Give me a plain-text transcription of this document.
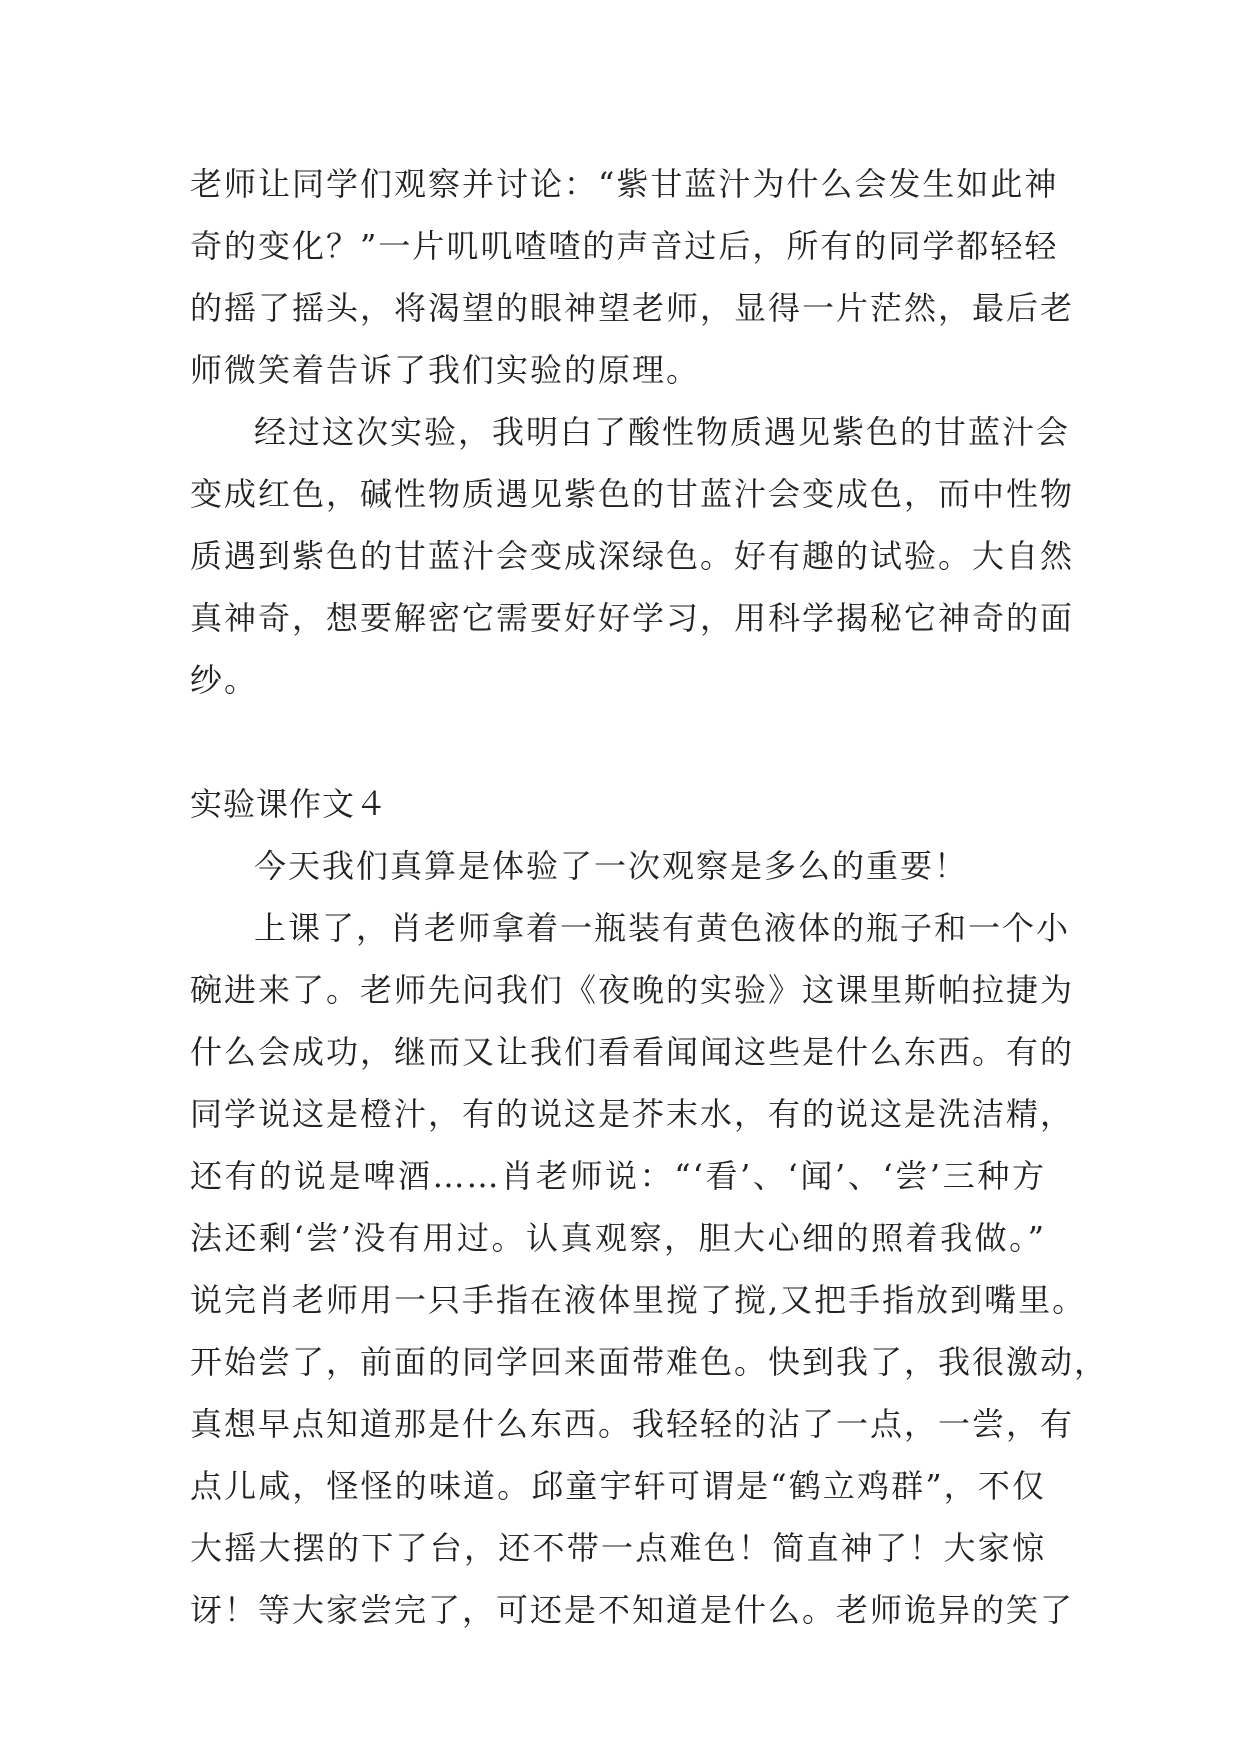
老师让同学们观察并讨论：“紫甘蓝汁为什么会发生如此神
奇的变化？”一片叽叽喳喳的声音过后，所有的同学都轻轻
的摇了摇头，将渴望的眼神望老师，显得一片茫然，最后老
师微笑着告诉了我们实验的原理。
经过这次实验，我明白了酸性物质遇见紫色的甘蓝汁会
变成红色，碱性物质遇见紫色的甘蓝汁会变成色，而中性物
质遇到紫色的甘蓝汁会变成深绿色。好有趣的试验。大自然
真神奇，想要解密它需要好好学习，用科学揭秘它神奇的面
纱。
实验课作文４
今天我们真算是体验了一次观察是多么的重要！
上课了，肖老师拿着一瓶装有黄色液体的瓶子和一个小
碗进来了。老师先问我们《夜晚的实验》这课里斯帕拉捷为
什么会成功，继而又让我们看看闻闻这些是什么东西。有的
同学说这是橙汁，有的说这是芥末水，有的说这是洗洁精，
还有的说是啤酒……肖老师说：“‘看’、‘闻’、‘尝’三种方
法还剩‘尝’没有用过。认真观察，胆大心细的照着我做。”
说完肖老师用一只手指在液体里搅了搅,又把手指放到嘴里。
开始尝了，前面的同学回来面带难色。快到我了，我很激动，
真想早点知道那是什么东西。我轻轻的沾了一点，一尝，有
点儿咸，怪怪的味道。邱童宇轩可谓是“鹤立鸡群”，不仅
大摇大摆的下了台，还不带一点难色！简直神了！大家惊
讶！等大家尝完了，可还是不知道是什么。老师诡异的笑了
